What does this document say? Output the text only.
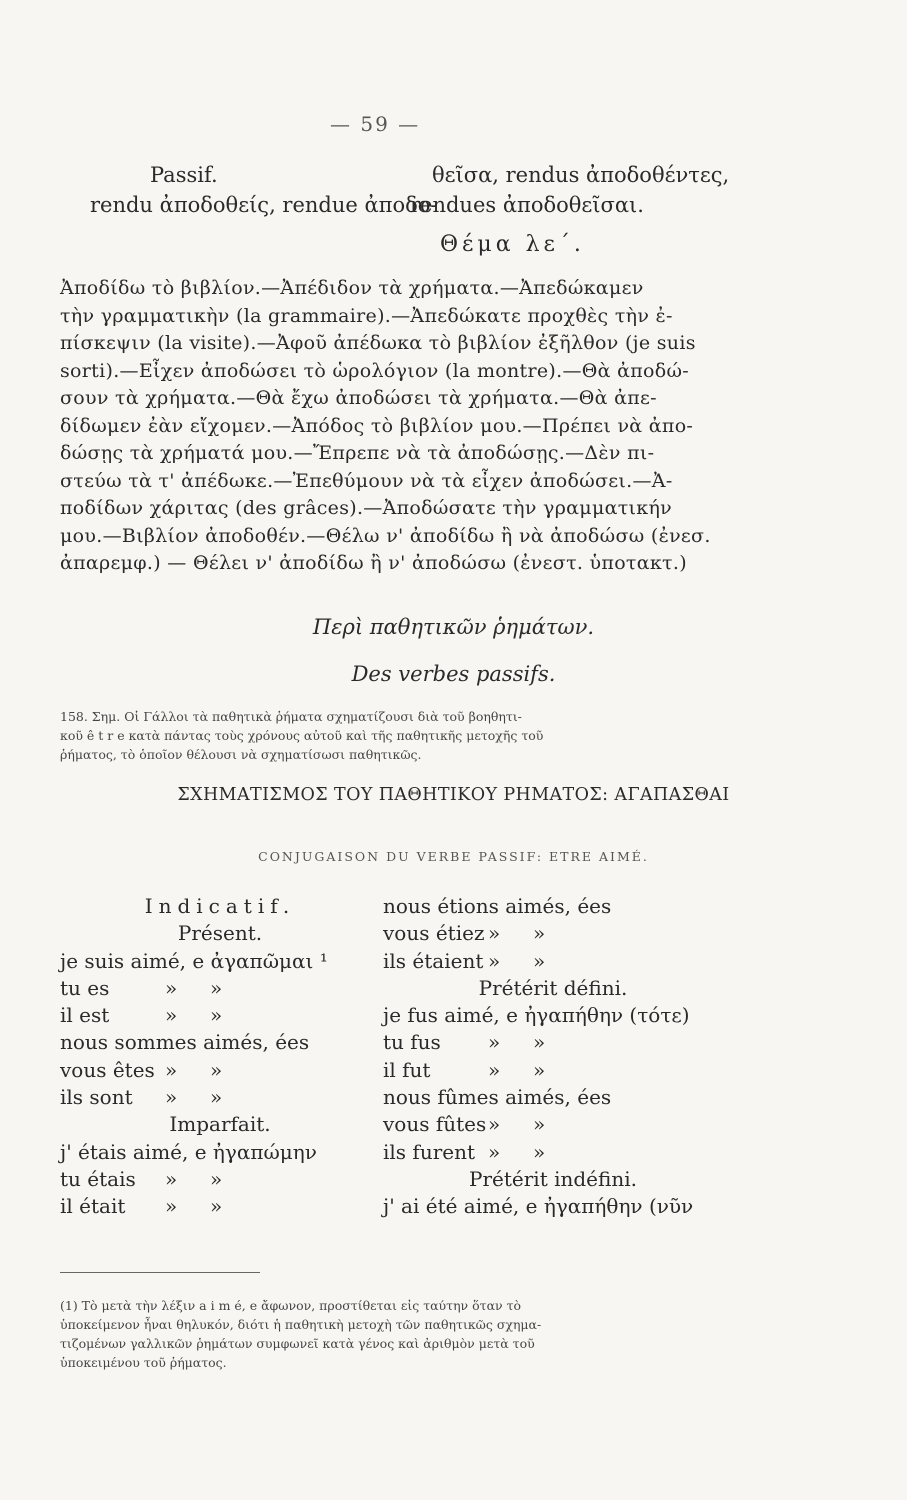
— 59 —
Passif.
rendu ἀποδοθείς, rendue ἀποδο-
θεῖσα, rendus ἀποδοθέντες,
rendues ἀποδοθεῖσαι.
Θέμα λε΄.
Ἀποδίδω τὸ βιβλίον.—Ἀπέδιδον τὰ χρήματα.—Ἀπεδώκαμεν
τὴν γραμματικὴν (la grammaire).—Ἀπεδώκατε προχθὲς τὴν ἐ-
πίσκεψιν (la visite).—Ἀφοῦ ἀπέδωκα τὸ βιβλίον ἐξῆλθον (je suis
sorti).—Εἶχεν ἀποδώσει τὸ ὡρολόγιον (la montre).—Θὰ ἀποδώ-
σουν τὰ χρήματα.—Θὰ ἔχω ἀποδώσει τὰ χρήματα.—Θὰ ἀπε-
δίδωμεν ἐὰν εἴχομεν.—Ἀπόδος τὸ βιβλίον μου.—Πρέπει νὰ ἀπο-
δώσῃς τὰ χρήματά μου.—Ἔπρεπε νὰ τὰ ἀποδώσῃς.—Δὲν πι-
στεύω τὰ τ' ἀπέδωκε.—Ἐπεθύμουν νὰ τὰ εἶχεν ἀποδώσει.—Ἀ-
ποδίδων χάριτας (des grâces).—Ἀποδώσατε τὴν γραμματικήν
μου.—Βιβλίον ἀποδοθέν.—Θέλω ν' ἀποδίδω ἢ νὰ ἀποδώσω (ἐνεσ.
ἀπαρεμφ.) — Θέλει ν' ἀποδίδω ἢ ν' ἀποδώσω (ἐνεστ. ὑποτακτ.)
Περὶ παθητικῶν ῥημάτων.
Des verbes passifs.
158. Σημ. Οἱ Γάλλοι τὰ παθητικὰ ῥήματα σχηματίζουσι διὰ τοῦ βοηθητι-
κοῦ ê t r e κατὰ πάντας τοὺς χρόνους αὐτοῦ καὶ τῆς παθητικῆς μετοχῆς τοῦ
ῥήματος, τὸ ὁποῖον θέλουσι νὰ σχηματίσωσι παθητικῶς.
ΣΧΗΜΑΤΙΣΜΟΣ ΤΟΥ ΠΑΘΗΤΙΚΟΥ ΡΗΜΑΤΟΣ: ΑΓΑΠΑΣΘΑΙ
CONJUGAISON DU VERBE PASSIF: ETRE AIMÉ.
Indicatif.
Présent.
je suis aimé, e ἀγαπῶμαι ¹
tu es	» »
il est	» »
nous sommes aimés, ées
vous êtes » »
ils sont » »
Imparfait.
j' étais aimé, e ἠγαπώμην
tu étais » »
il était » »
nous étions aimés, ées
vous étiez » »
ils étaient » »
Prétérit défini.
je fus aimé, e ἠγαπήθην (τότε)
tu fus » »
il fut	» »
nous fûmes aimés, ées
vous fûtes » »
ils furent » »
Prétérit indéfini.
j' ai été aimé, e ἠγαπήθην (νῦν
(1) Τὸ μετὰ τὴν λέξιν a i m é, e ἄφωνον, προστίθεται εἰς ταύτην ὅταν τὸ
ὑποκείμενον ἦναι θηλυκόν, διότι ἡ παθητικὴ μετοχὴ τῶν παθητικῶς σχημα-
τιζομένων γαλλικῶν ῥημάτων συμφωνεῖ κατὰ γένος καὶ ἀριθμὸν μετὰ τοῦ
ὑποκειμένου τοῦ ῥήματος.
